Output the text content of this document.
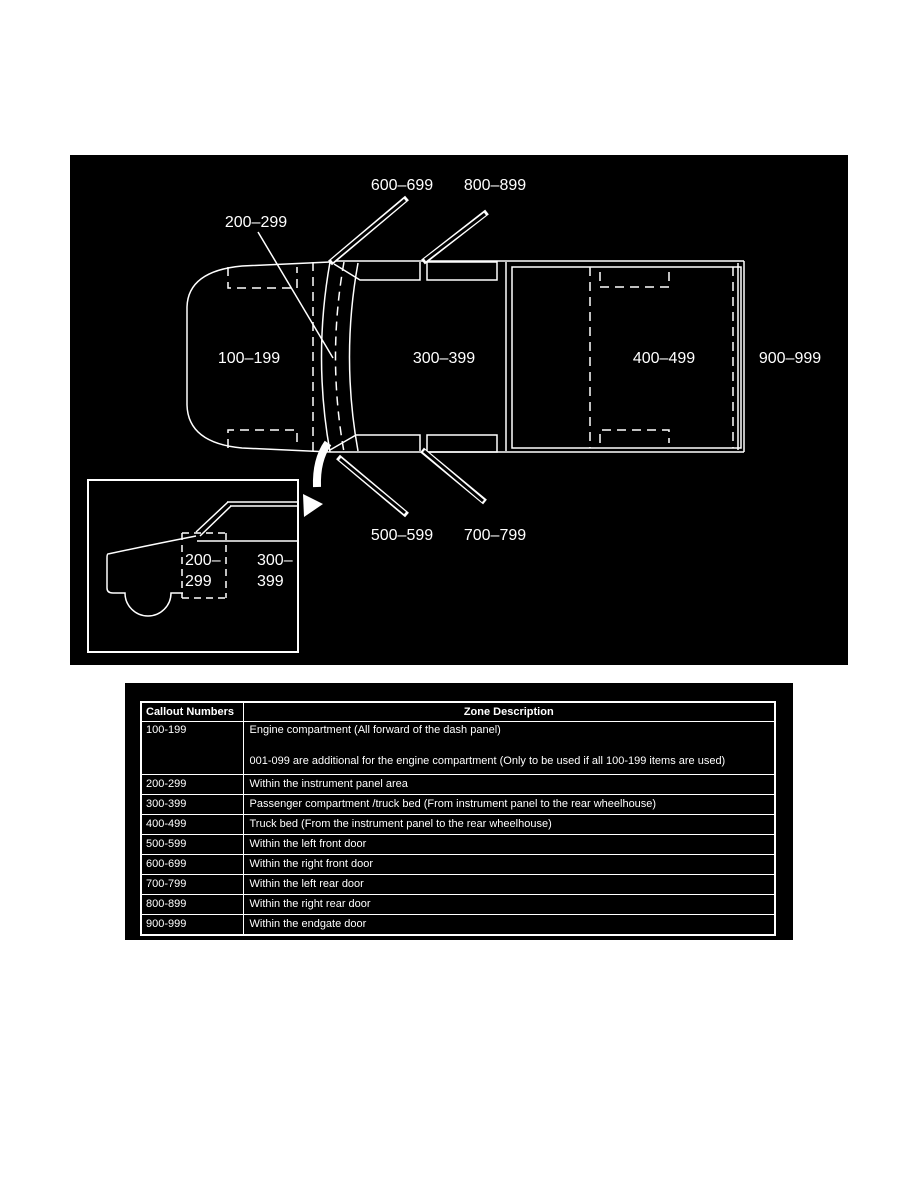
200–
299
300–
399
600–699 800–899
200–299
100–199	300–399	400–499	900–999
500–599 700–799
Callout Numbers	Zone Description
100-199	Engine compartment (All forward of the dash panel)
001-099 are additional for the engine compartment (Only to be used if all 100-199 items are used)

200-299	Within the instrument panel area
300-399	Passenger compartment /truck bed (From instrument panel to the rear wheelhouse)
400-499	Truck bed (From the instrument panel to the rear wheelhouse)
500-599	Within the left front door
600-699	Within the right front door
700-799	Within the left rear door
800-899	Within the right rear door
900-999	Within the endgate door
